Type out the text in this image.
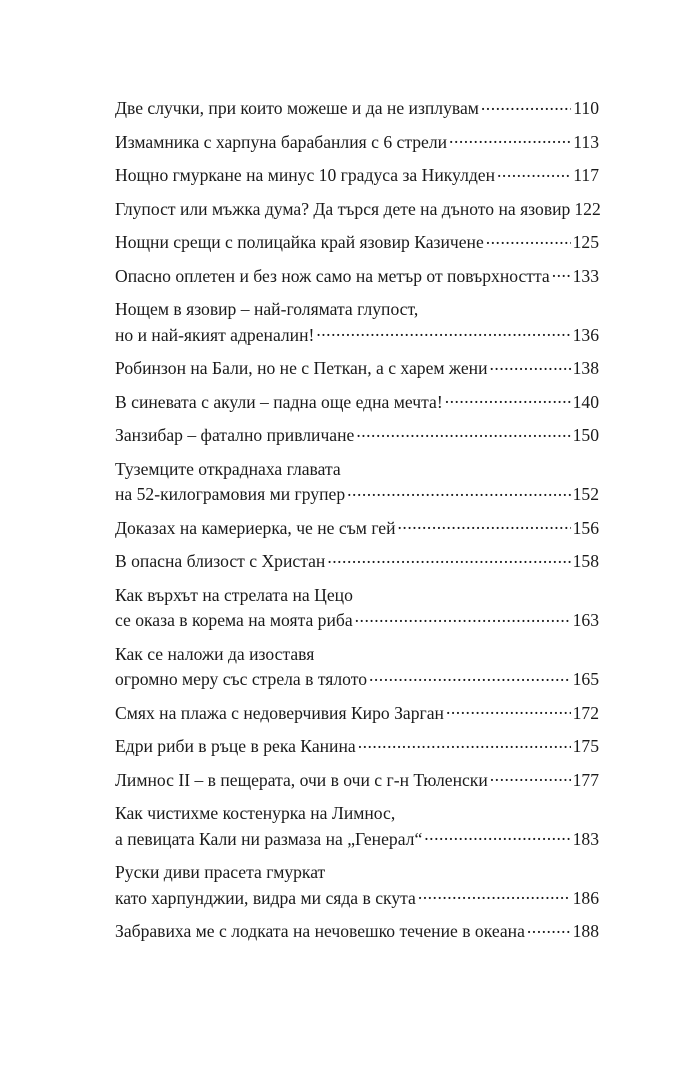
Две случки, при които можеше и да не изплувам .....	110
Измамника с харпуна барабанлия с 6 стрели .....	113
Нощно гмуркане на минус 10 градуса за Никулден .....	117
Глупост или мъжка дума? Да търся дете на дъното на язовир 122
Нощни срещи с полицайка край язовир Казичене .....	125
Опасно оплетен и без нож само на метър от повърхността ..... 133
Нощем в язовир – най-голямата глупост,
но и най-якият адреналин! .....	136
Робинзон на Бали, но не с Петкан, а с харем жени .....	138
В синевата с акули – падна още една мечта! .....	140
Занзибар – фатално привличане .....	150
Туземците откраднаха главата
на 52-килограмовия ми групер .....	152
Доказах на камериерка, че не съм гей .....	156
В опасна близост с Христан .....	158
Как върхът на стрелата на Цецо
се оказа в корема на моята риба .....	163
Как се наложи да изоставя
огромно меру със стрела в тялото .....	165
Смях на плажа с недоверчивия Киро Зарган .....	172
Едри риби в ръце в река Канина .....	175
Лимнос II – в пещерата, очи в очи с г-н Тюленски .....	177
Как чистихме костенурка на Лимнос,
а певицата Кали ни размаза на „Генерал“ .....	183
Руски диви прасета гмуркат
като харпунджии, видра ми сяда в скута .....	186
Забравиха ме с лодката на нечовешко течение в океана .....	188
